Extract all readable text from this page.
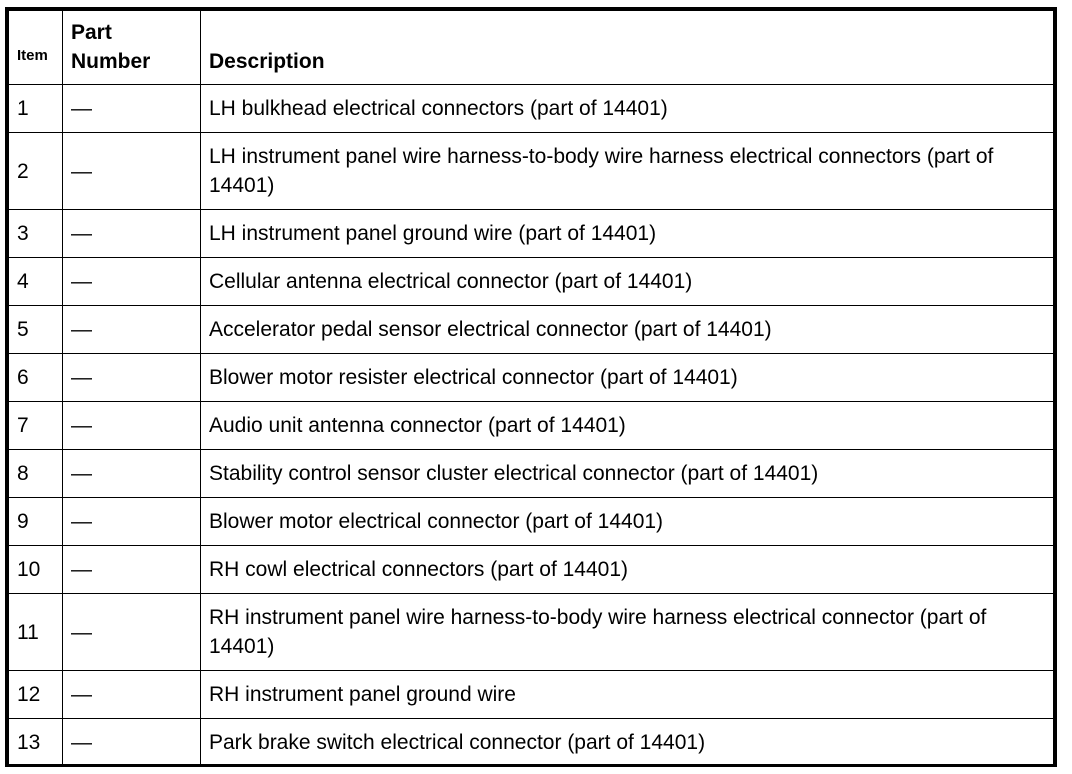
Item	Part Number	Description
1	—	LH bulkhead electrical connectors (part of 14401)
2	—	LH instrument panel wire harness-to-body wire harness electrical connectors (part of 14401)
3	—	LH instrument panel ground wire (part of 14401)
4	—	Cellular antenna electrical connector (part of 14401)
5	—	Accelerator pedal sensor electrical connector (part of 14401)
6	—	Blower motor resister electrical connector (part of 14401)
7	—	Audio unit antenna connector (part of 14401)
8	—	Stability control sensor cluster electrical connector (part of 14401)
9	—	Blower motor electrical connector (part of 14401)
10	—	RH cowl electrical connectors (part of 14401)
11	—	RH instrument panel wire harness-to-body wire harness electrical connector (part of 14401)
12	—	RH instrument panel ground wire
13	—	Park brake switch electrical connector (part of 14401)
